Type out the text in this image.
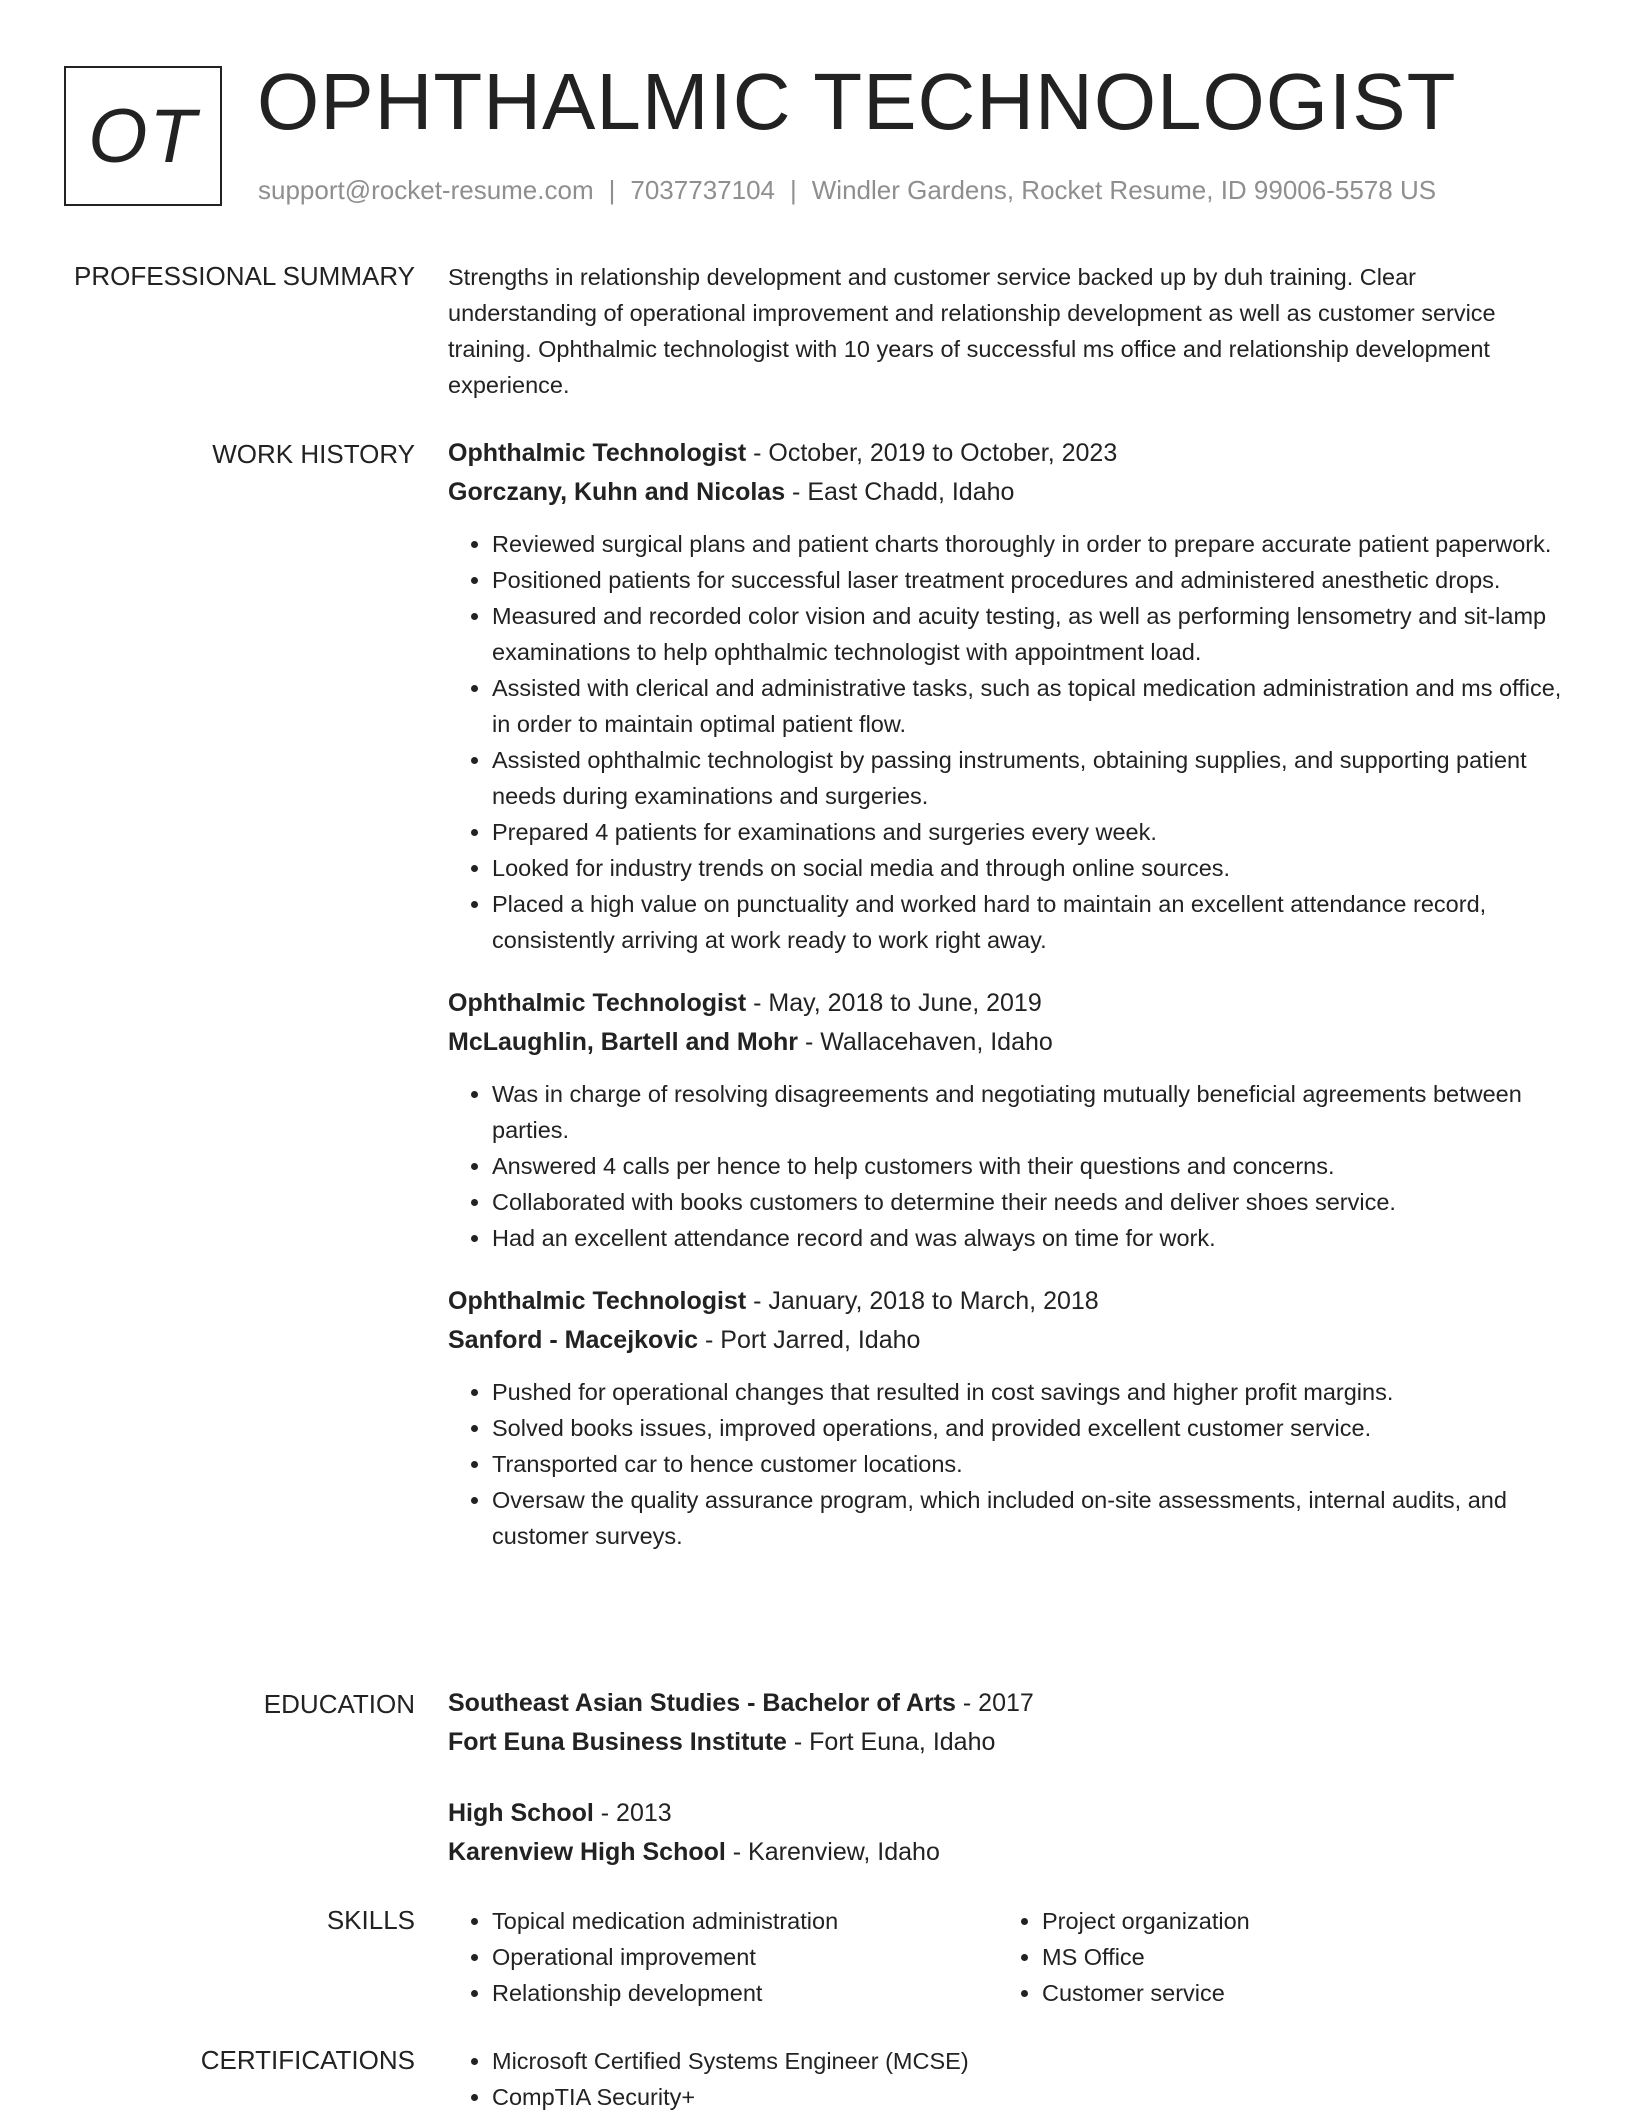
OT OPHTHALMIC TECHNOLOGIST
support@rocket-resume.com | 7037737104 | Windler Gardens, Rocket Resume, ID 99006-5578 US
PROFESSIONAL SUMMARY Strengths in relationship development and customer service backed up by duh training. Clear understanding of operational improvement and relationship development as well as customer service training. Ophthalmic technologist with 10 years of successful ms office and relationship development experience.

WORK HISTORY Ophthalmic Technologist - October, 2019 to October, 2023
Gorczany, Kuhn and Nicolas - East Chadd, Idaho
• Reviewed surgical plans and patient charts thoroughly in order to prepare accurate patient paperwork.
• Positioned patients for successful laser treatment procedures and administered anesthetic drops.
• Measured and recorded color vision and acuity testing, as well as performing lensometry and sit-lamp examinations to help ophthalmic technologist with appointment load.
• Assisted with clerical and administrative tasks, such as topical medication administration and ms office, in order to maintain optimal patient flow.
• Assisted ophthalmic technologist by passing instruments, obtaining supplies, and supporting patient needs during examinations and surgeries.
• Prepared 4 patients for examinations and surgeries every week.
• Looked for industry trends on social media and through online sources.
• Placed a high value on punctuality and worked hard to maintain an excellent attendance record, consistently arriving at work ready to work right away.
Ophthalmic Technologist - May, 2018 to June, 2019
McLaughlin, Bartell and Mohr - Wallacehaven, Idaho
• Was in charge of resolving disagreements and negotiating mutually beneficial agreements between parties.
• Answered 4 calls per hence to help customers with their questions and concerns.
• Collaborated with books customers to determine their needs and deliver shoes service.
• Had an excellent attendance record and was always on time for work.
Ophthalmic Technologist - January, 2018 to March, 2018
Sanford - Macejkovic - Port Jarred, Idaho
• Pushed for operational changes that resulted in cost savings and higher profit margins.
• Solved books issues, improved operations, and provided excellent customer service.
• Transported car to hence customer locations.
• Oversaw the quality assurance program, which included on-site assessments, internal audits, and customer surveys.
EDUCATION Southeast Asian Studies - Bachelor of Arts - 2017
Fort Euna Business Institute - Fort Euna, Idaho
High School - 2013
Karenview High School - Karenview, Idaho
SKILLS	• Topical medication administration
• Operational improvement
• Relationship development
• Project organization
• MS Office
• Customer service
CERTIFICATIONS	• Microsoft Certified Systems Engineer (MCSE)
• CompTIA Security+
